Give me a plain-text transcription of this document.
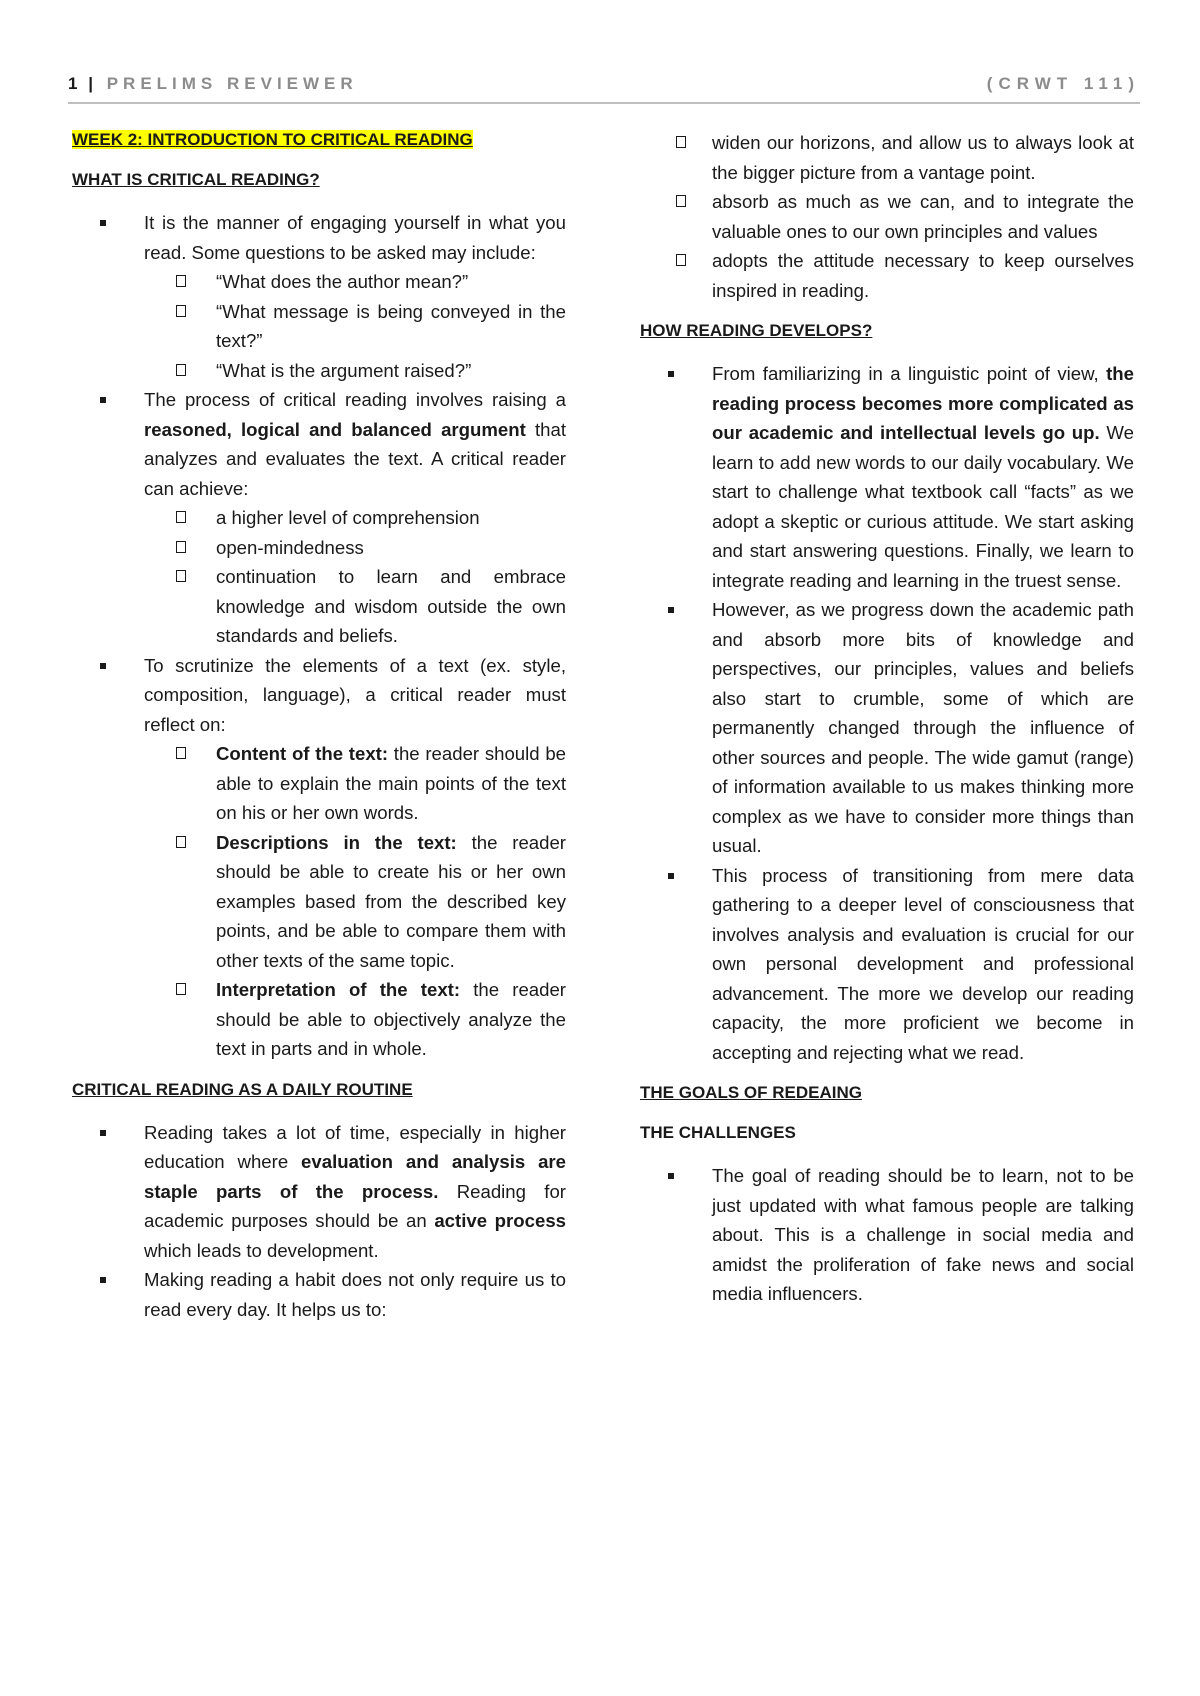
1 | PRELIMS REVIEWER	(CRWT 111)
WEEK 2: INTRODUCTION TO CRITICAL READING
WHAT IS CRITICAL READING?
It is the manner of engaging yourself in what you read. Some questions to be asked may include:
“What does the author mean?”
“What message is being conveyed in the text?”
“What is the argument raised?”
The process of critical reading involves raising a reasoned, logical and balanced argument that analyzes and evaluates the text. A critical reader can achieve:
a higher level of comprehension
open-mindedness
continuation to learn and embrace knowledge and wisdom outside the own standards and beliefs.
To scrutinize the elements of a text (ex. style, composition, language), a critical reader must reflect on:
Content of the text: the reader should be able to explain the main points of the text on his or her own words.
Descriptions in the text: the reader should be able to create his or her own examples based from the described key points, and be able to compare them with other texts of the same topic.
Interpretation of the text: the reader should be able to objectively analyze the text in parts and in whole.
CRITICAL READING AS A DAILY ROUTINE
Reading takes a lot of time, especially in higher education where evaluation and analysis are staple parts of the process. Reading for academic purposes should be an active process which leads to development.
Making reading a habit does not only require us to read every day. It helps us to:
widen our horizons, and allow us to always look at the bigger picture from a vantage point.
absorb as much as we can, and to integrate the valuable ones to our own principles and values
adopts the attitude necessary to keep ourselves inspired in reading.
HOW READING DEVELOPS?
From familiarizing in a linguistic point of view, the reading process becomes more complicated as our academic and intellectual levels go up. We learn to add new words to our daily vocabulary. We start to challenge what textbook call “facts” as we adopt a skeptic or curious attitude. We start asking and start answering questions. Finally, we learn to integrate reading and learning in the truest sense.
However, as we progress down the academic path and absorb more bits of knowledge and perspectives, our principles, values and beliefs also start to crumble, some of which are permanently changed through the influence of other sources and people. The wide gamut (range) of information available to us makes thinking more complex as we have to consider more things than usual.
This process of transitioning from mere data gathering to a deeper level of consciousness that involves analysis and evaluation is crucial for our own personal development and professional advancement. The more we develop our reading capacity, the more proficient we become in accepting and rejecting what we read.
THE GOALS OF REDEAING
THE CHALLENGES
The goal of reading should be to learn, not to be just updated with what famous people are talking about. This is a challenge in social media and amidst the proliferation of fake news and social media influencers.
